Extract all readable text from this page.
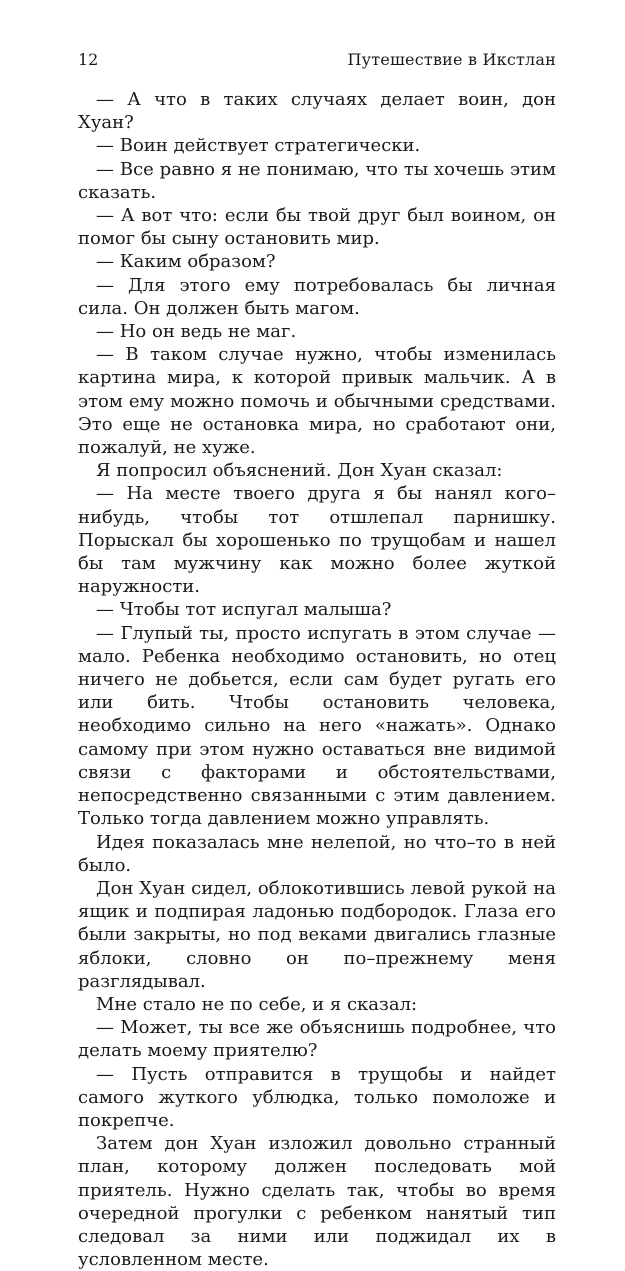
12	Путешествие в Икстлан

— А что в таких случаях делает воин, дон Хуан?

— Воин действует стратегически.

— Все равно я не понимаю, что ты хочешь этим сказать.

— А вот что: если бы твой друг был воином, он помог бы сыну остановить мир.

— Каким образом?

— Для этого ему потребовалась бы личная сила. Он должен быть магом.

— Но он ведь не маг.

— В таком случае нужно, чтобы изменилась картина мира, к которой привык мальчик. А в этом ему можно помочь и обычными средствами. Это еще не остановка мира, но сработают они, пожалуй, не хуже.

Я попросил объяснений. Дон Хуан сказал:

— На месте твоего друга я бы нанял кого–нибудь, чтобы тот отшлепал парнишку. Порыскал бы хорошенько по трущобам и нашел бы там мужчину как можно более жуткой наружности.

— Чтобы тот испугал малыша?

— Глупый ты, просто испугать в этом случае — мало. Ребенка необходимо остановить, но отец ничего не добьется, если сам будет ругать его или бить. Чтобы остановить человека, необходимо сильно на него «нажать». Однако самому при этом нужно оставаться вне видимой связи с факторами и обстоятельствами, непосредственно связанными с этим давлением. Только тогда давлением можно управлять.

Идея показалась мне нелепой, но что–то в ней было.

Дон Хуан сидел, облокотившись левой рукой на ящик и подпирая ладонью подбородок. Глаза его были закрыты, но под веками двигались глазные яблоки, словно он по–прежнему меня разглядывал.

Мне стало не по себе, и я сказал:

— Может, ты все же объяснишь подробнее, что делать моему приятелю?

— Пусть отправится в трущобы и найдет самого жуткого ублюдка, только помоложе и покрепче.

Затем дон Хуан изложил довольно странный план, которому должен последовать мой приятель. Нужно сделать так, чтобы во время очередной прогулки с ребенком нанятый тип следовал за ними или поджидал их в условленном месте.
